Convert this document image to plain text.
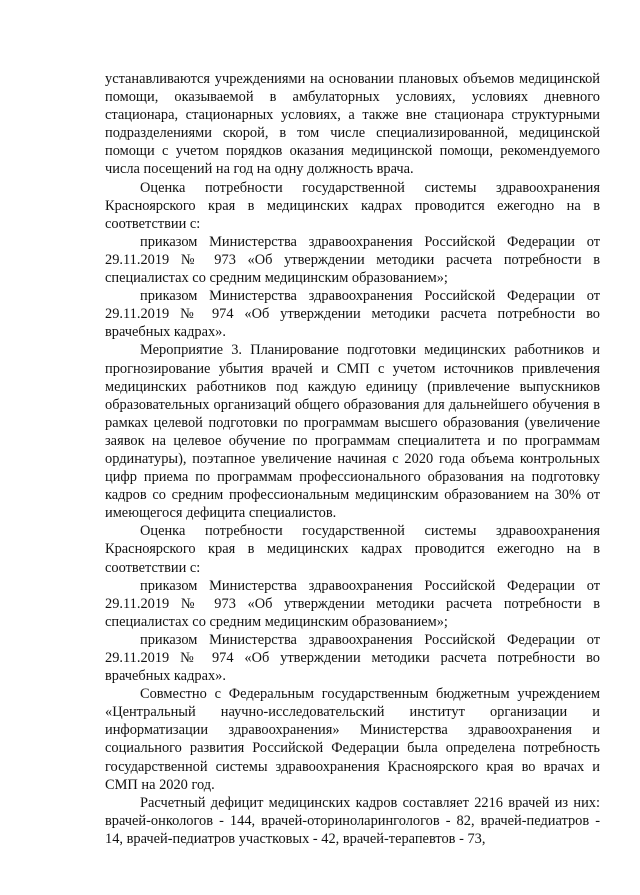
устанавливаются учреждениями на основании плановых объемов медицинской помощи, оказываемой в амбулаторных условиях, условиях дневного стационара, стационарных условиях, а также вне стационара структурными подразделениями скорой, в том числе специализированной, медицинской помощи с учетом порядков оказания медицинской помощи, рекомендуемого числа посещений на год на одну должность врача.

Оценка потребности государственной системы здравоохранения Красноярского края в медицинских кадрах проводится ежегодно на в соответствии с:

приказом Министерства здравоохранения Российской Федерации от 29.11.2019 № 973 «Об утверждении методики расчета потребности в специалистах со средним медицинским образованием»;

приказом Министерства здравоохранения Российской Федерации от 29.11.2019 № 974 «Об утверждении методики расчета потребности во врачебных кадрах».

Мероприятие 3. Планирование подготовки медицинских работников и прогнозирование убытия врачей и СМП с учетом источников привлечения медицинских работников под каждую единицу (привлечение выпускников образовательных организаций общего образования для дальнейшего обучения в рамках целевой подготовки по программам высшего образования (увеличение заявок на целевое обучение по программам специалитета и по программам ординатуры), поэтапное увеличение начиная с 2020 года объема контрольных цифр приема по программам профессионального образования на подготовку кадров со средним профессиональным медицинским образованием на 30% от имеющегося дефицита специалистов.

Оценка потребности государственной системы здравоохранения Красноярского края в медицинских кадрах проводится ежегодно на в соответствии с:

приказом Министерства здравоохранения Российской Федерации от 29.11.2019 № 973 «Об утверждении методики расчета потребности в специалистах со средним медицинским образованием»;

приказом Министерства здравоохранения Российской Федерации от 29.11.2019 № 974 «Об утверждении методики расчета потребности во врачебных кадрах».

Совместно с Федеральным государственным бюджетным учреждением «Центральный научно-исследовательский институт организации и информатизации здравоохранения» Министерства здравоохранения и социального развития Российской Федерации была определена потребность государственной системы здравоохранения Красноярского края во врачах и СМП на 2020 год.

Расчетный дефицит медицинских кадров составляет 2216 врачей из них: врачей-онкологов - 144, врачей-оториноларингологов - 82, врачей-педиатров - 14, врачей-педиатров участковых - 42, врачей-терапевтов - 73,
